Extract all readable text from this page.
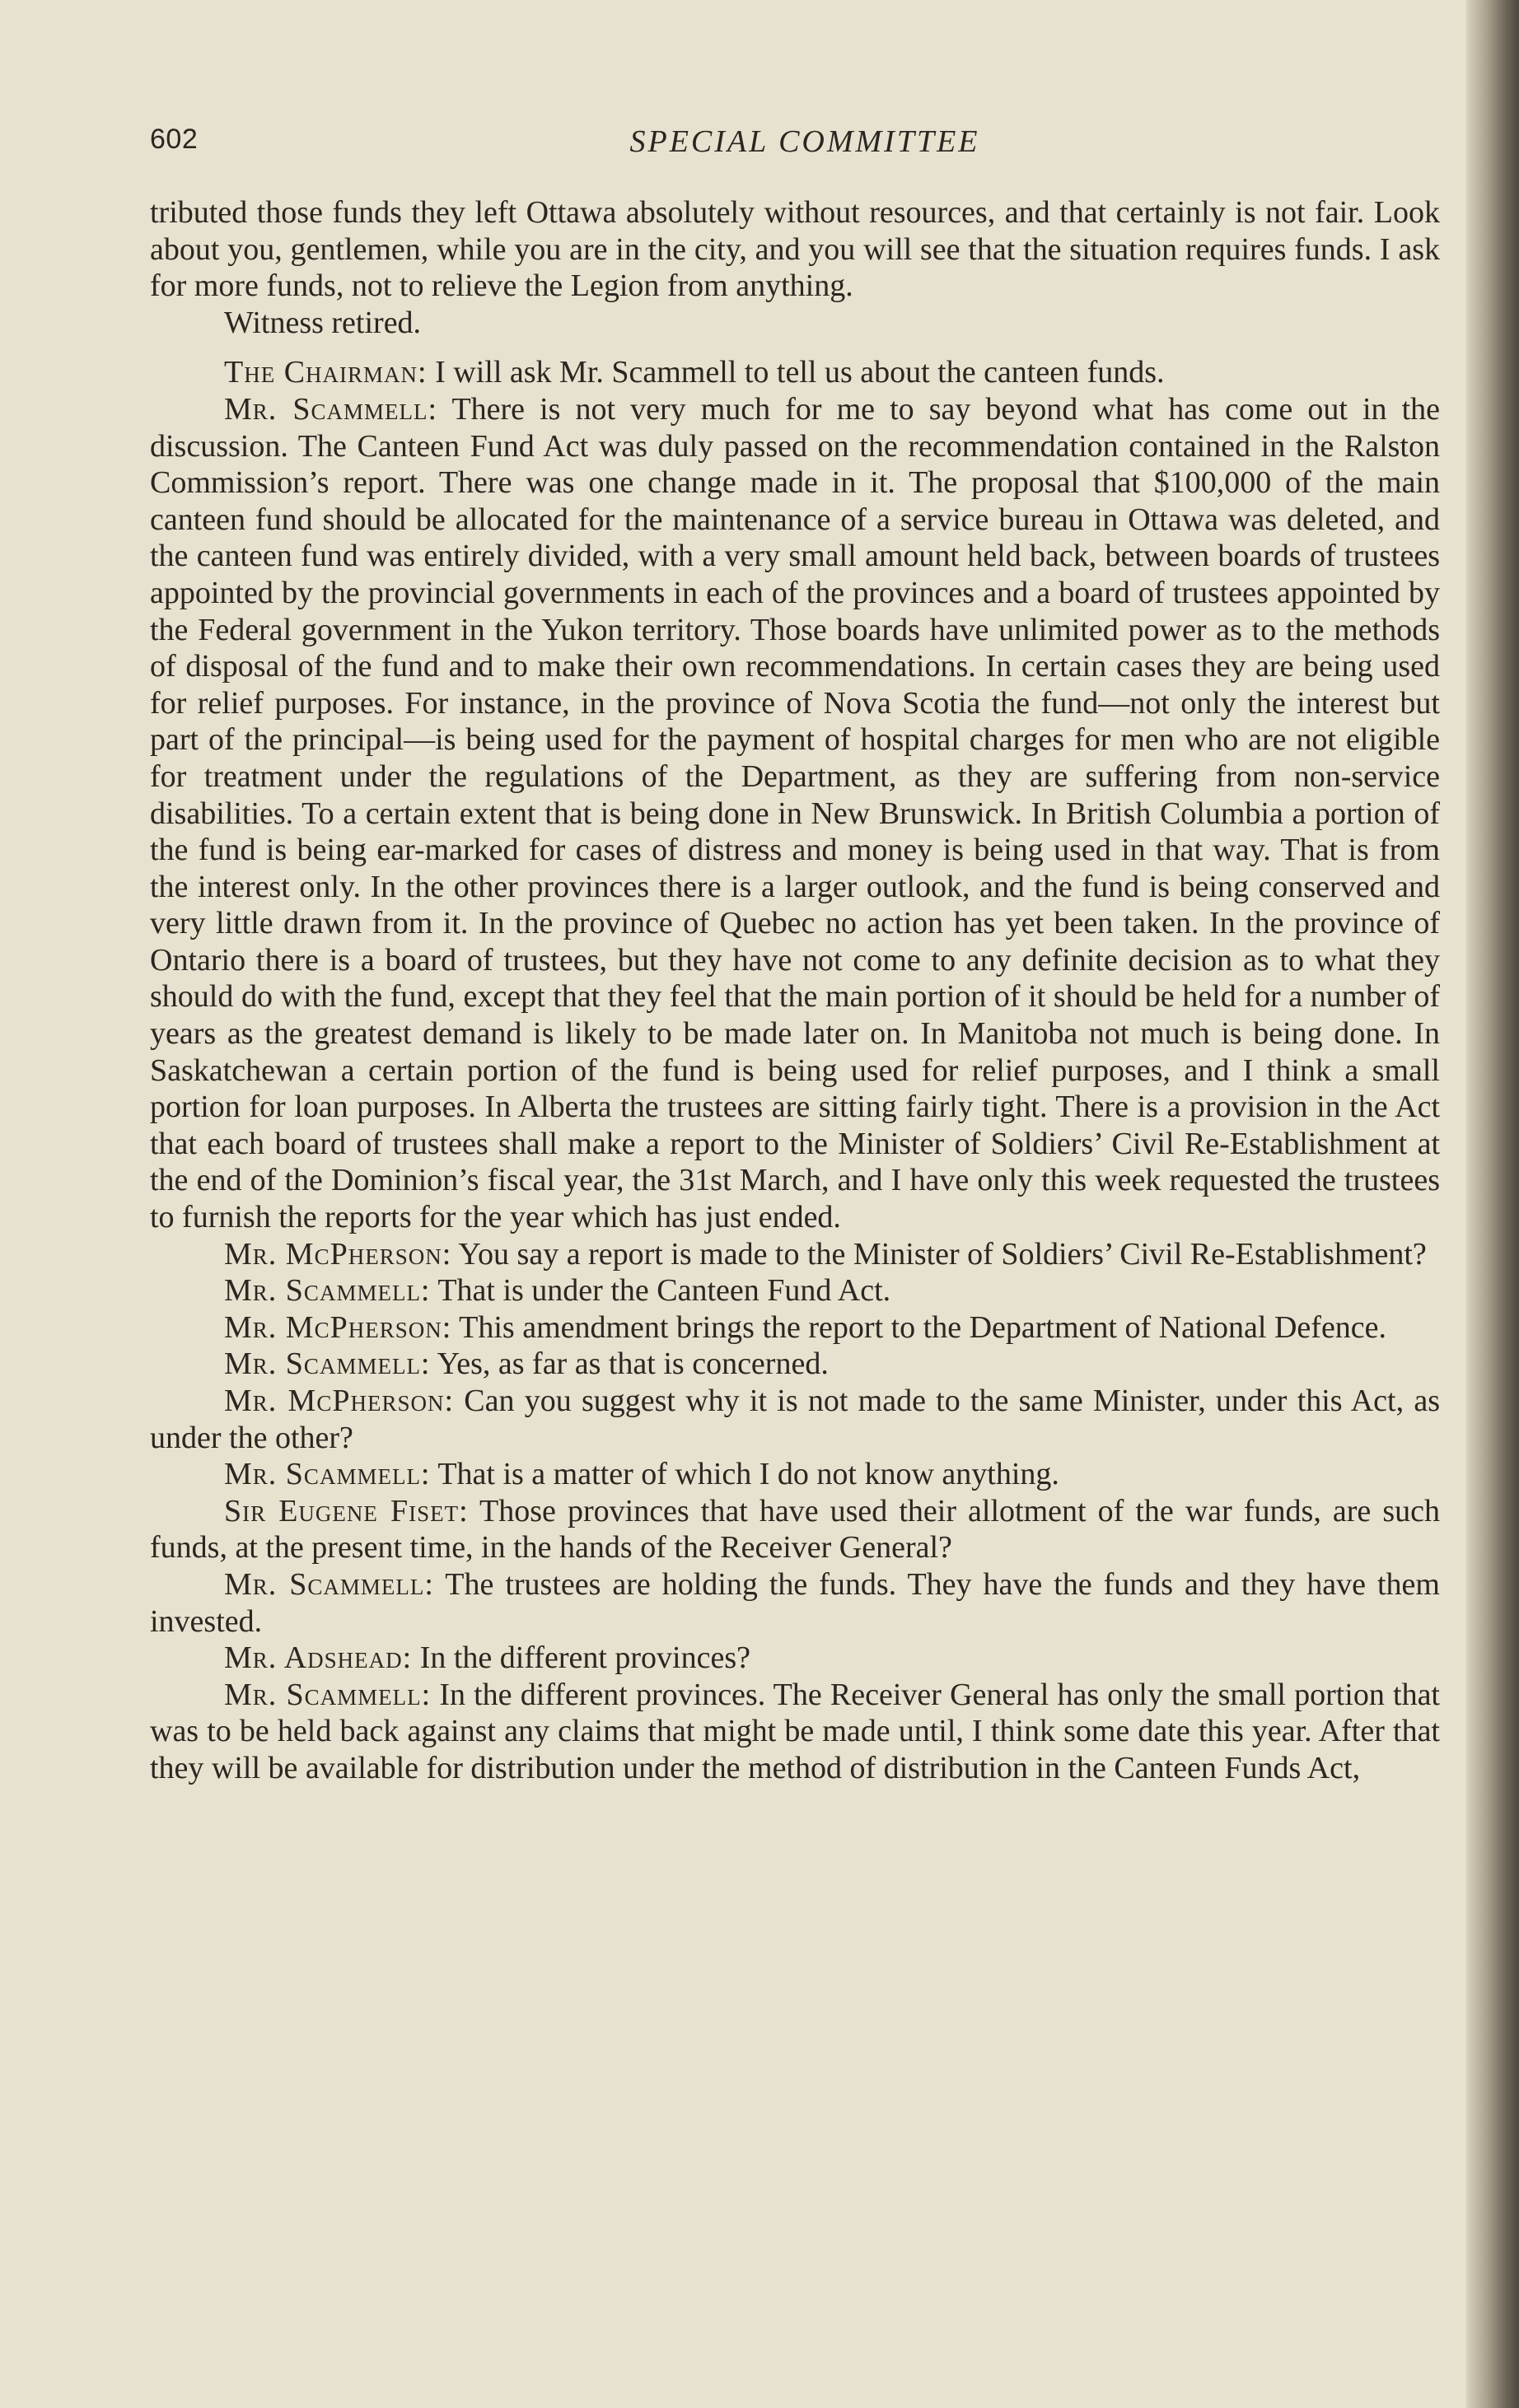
602	SPECIAL COMMITTEE

tributed those funds they left Ottawa absolutely without resources, and that certainly is not fair. Look about you, gentlemen, while you are in the city, and you will see that the situation requires funds. I ask for more funds, not to relieve the Legion from anything.

Witness retired.

The Chairman: I will ask Mr. Scammell to tell us about the canteen funds.

Mr. Scammell: There is not very much for me to say beyond what has come out in the discussion. The Canteen Fund Act was duly passed on the recommendation contained in the Ralston Commission’s report. There was one change made in it. The proposal that $100,000 of the main canteen fund should be allocated for the maintenance of a service bureau in Ottawa was deleted, and the canteen fund was entirely divided, with a very small amount held back, between boards of trustees appointed by the provincial governments in each of the provinces and a board of trustees appointed by the Federal government in the Yukon territory. Those boards have unlimited power as to the methods of disposal of the fund and to make their own recommendations. In certain cases they are being used for relief purposes. For instance, in the province of Nova Scotia the fund—not only the interest but part of the principal—is being used for the payment of hospital charges for men who are not eligible for treatment under the regulations of the Department, as they are suffering from non-service disabilities. To a certain extent that is being done in New Brunswick. In British Columbia a portion of the fund is being ear-marked for cases of distress and money is being used in that way. That is from the interest only. In the other provinces there is a larger outlook, and the fund is being conserved and very little drawn from it. In the province of Quebec no action has yet been taken. In the province of Ontario there is a board of trustees, but they have not come to any definite decision as to what they should do with the fund, except that they feel that the main portion of it should be held for a number of years as the greatest demand is likely to be made later on. In Manitoba not much is being done. In Saskatchewan a certain portion of the fund is being used for relief purposes, and I think a small portion for loan purposes. In Alberta the trustees are sitting fairly tight. There is a provision in the Act that each board of trustees shall make a report to the Minister of Soldiers’ Civil Re-Establishment at the end of the Dominion’s fiscal year, the 31st March, and I have only this week requested the trustees to furnish the reports for the year which has just ended.

Mr. McPherson: You say a report is made to the Minister of Soldiers’ Civil Re-Establishment?

Mr. Scammell: That is under the Canteen Fund Act.

Mr. McPherson: This amendment brings the report to the Department of National Defence.

Mr. Scammell: Yes, as far as that is concerned.

Mr. McPherson: Can you suggest why it is not made to the same Minister, under this Act, as under the other?

Mr. Scammell: That is a matter of which I do not know anything.

Sir Eugene Fiset: Those provinces that have used their allotment of the war funds, are such funds, at the present time, in the hands of the Receiver General?

Mr. Scammell: The trustees are holding the funds. They have the funds and they have them invested.

Mr. Adshead: In the different provinces?

Mr. Scammell: In the different provinces. The Receiver General has only the small portion that was to be held back against any claims that might be made until, I think some date this year. After that they will be available for distribution under the method of distribution in the Canteen Funds Act,
